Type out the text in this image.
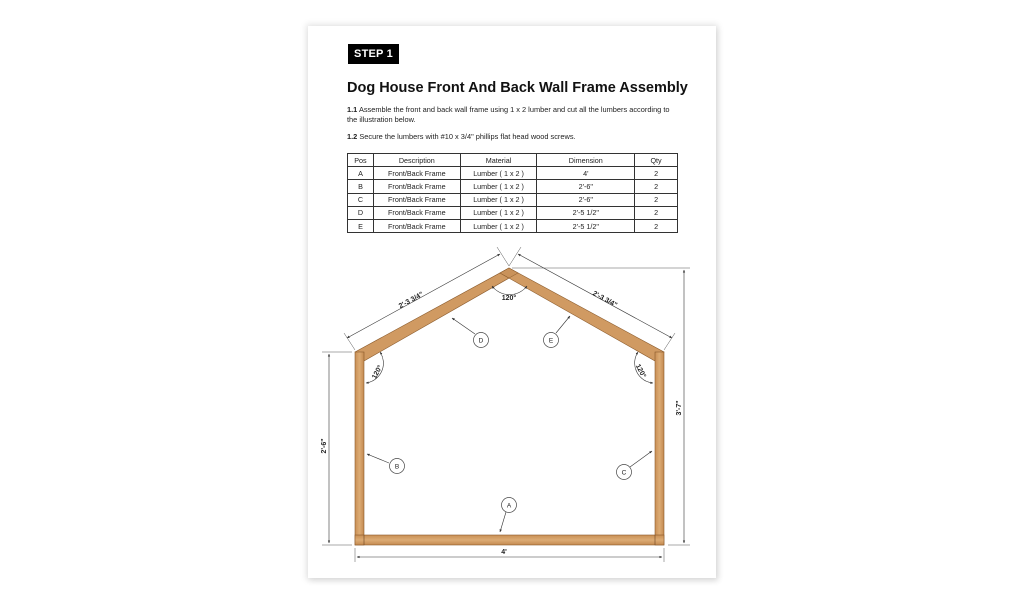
STEP 1
Dog House Front And Back Wall Frame Assembly
1.1 Assemble the front and back wall frame using 1 x 2 lumber and cut all the lumbers according to the illustration below.
1.2 Secure the lumbers with #10 x 3/4" phillips flat head wood screws.
Pos	Description	Material	Dimension	Qty
A	Front/Back Frame	Lumber ( 1 x 2 )	4'	2
B	Front/Back Frame	Lumber ( 1 x 2 )	2'-6"	2
C	Front/Back Frame	Lumber ( 1 x 2 )	2'-6"	2
D	Front/Back Frame	Lumber ( 1 x 2 )	2'-5 1/2"	2
E	Front/Back Frame	Lumber ( 1 x 2 )	2'-5 1/2"	2
4'
2'-6"
3'-7"
2'-3 3/4"	2'-3 3/4"
120°
120°	120°
A
B
C
D	E
